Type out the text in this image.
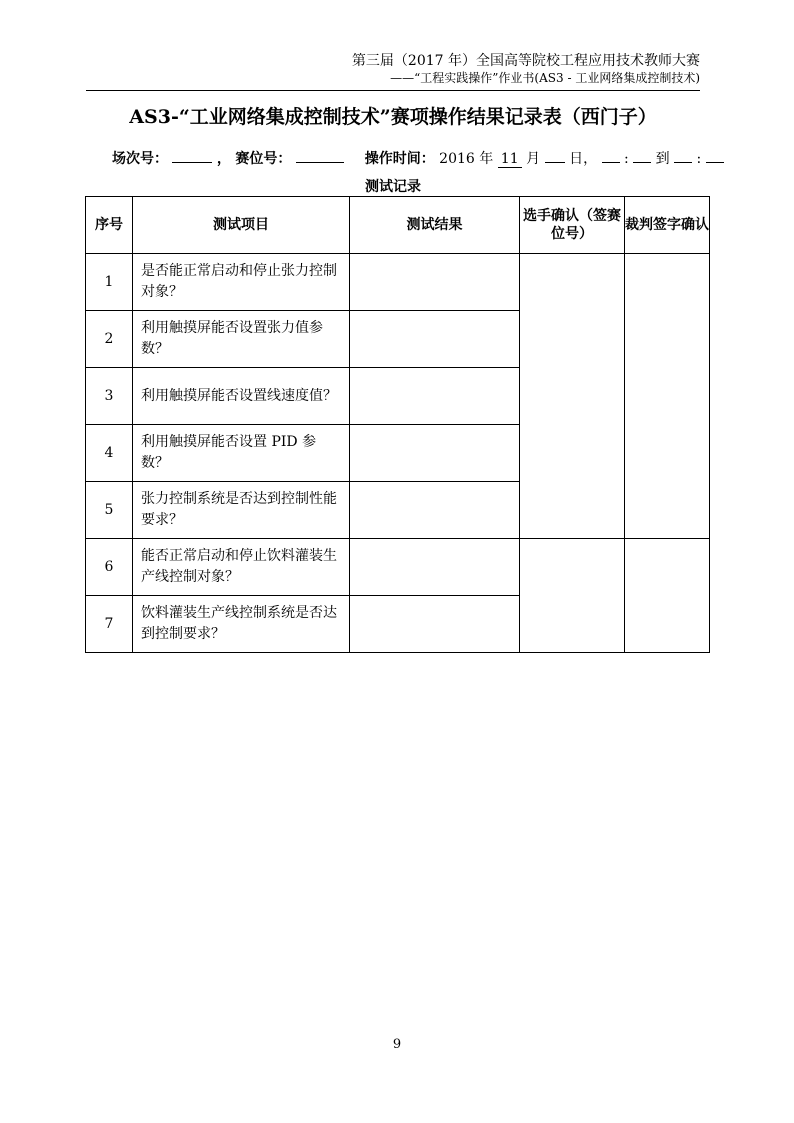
第三届（2017 年）全国高等院校工程应用技术教师大赛
——“工程实践操作”作业书(AS3 - 工业网络集成控制技术)
AS3-“工业网络集成控制技术”赛项操作结果记录表（西门子）
场次号：	， 赛位号：	操作时间： 2016 年 11 月 日， : 到 :
测试记录
序号	测试项目	测试结果	选手确认（签赛位号）	裁判签字确认
1	是否能正常启动和停止张力控制对象？			
2	利用触摸屏能否设置张力值参数？			
3	利用触摸屏能否设置线速度值？			
4	利用触摸屏能否设置 PID 参数？			
5	张力控制系统是否达到控制性能要求？			
6	能否正常启动和停止饮料灌装生产线控制对象？			
7	饮料灌装生产线控制系统是否达到控制要求？			
9
